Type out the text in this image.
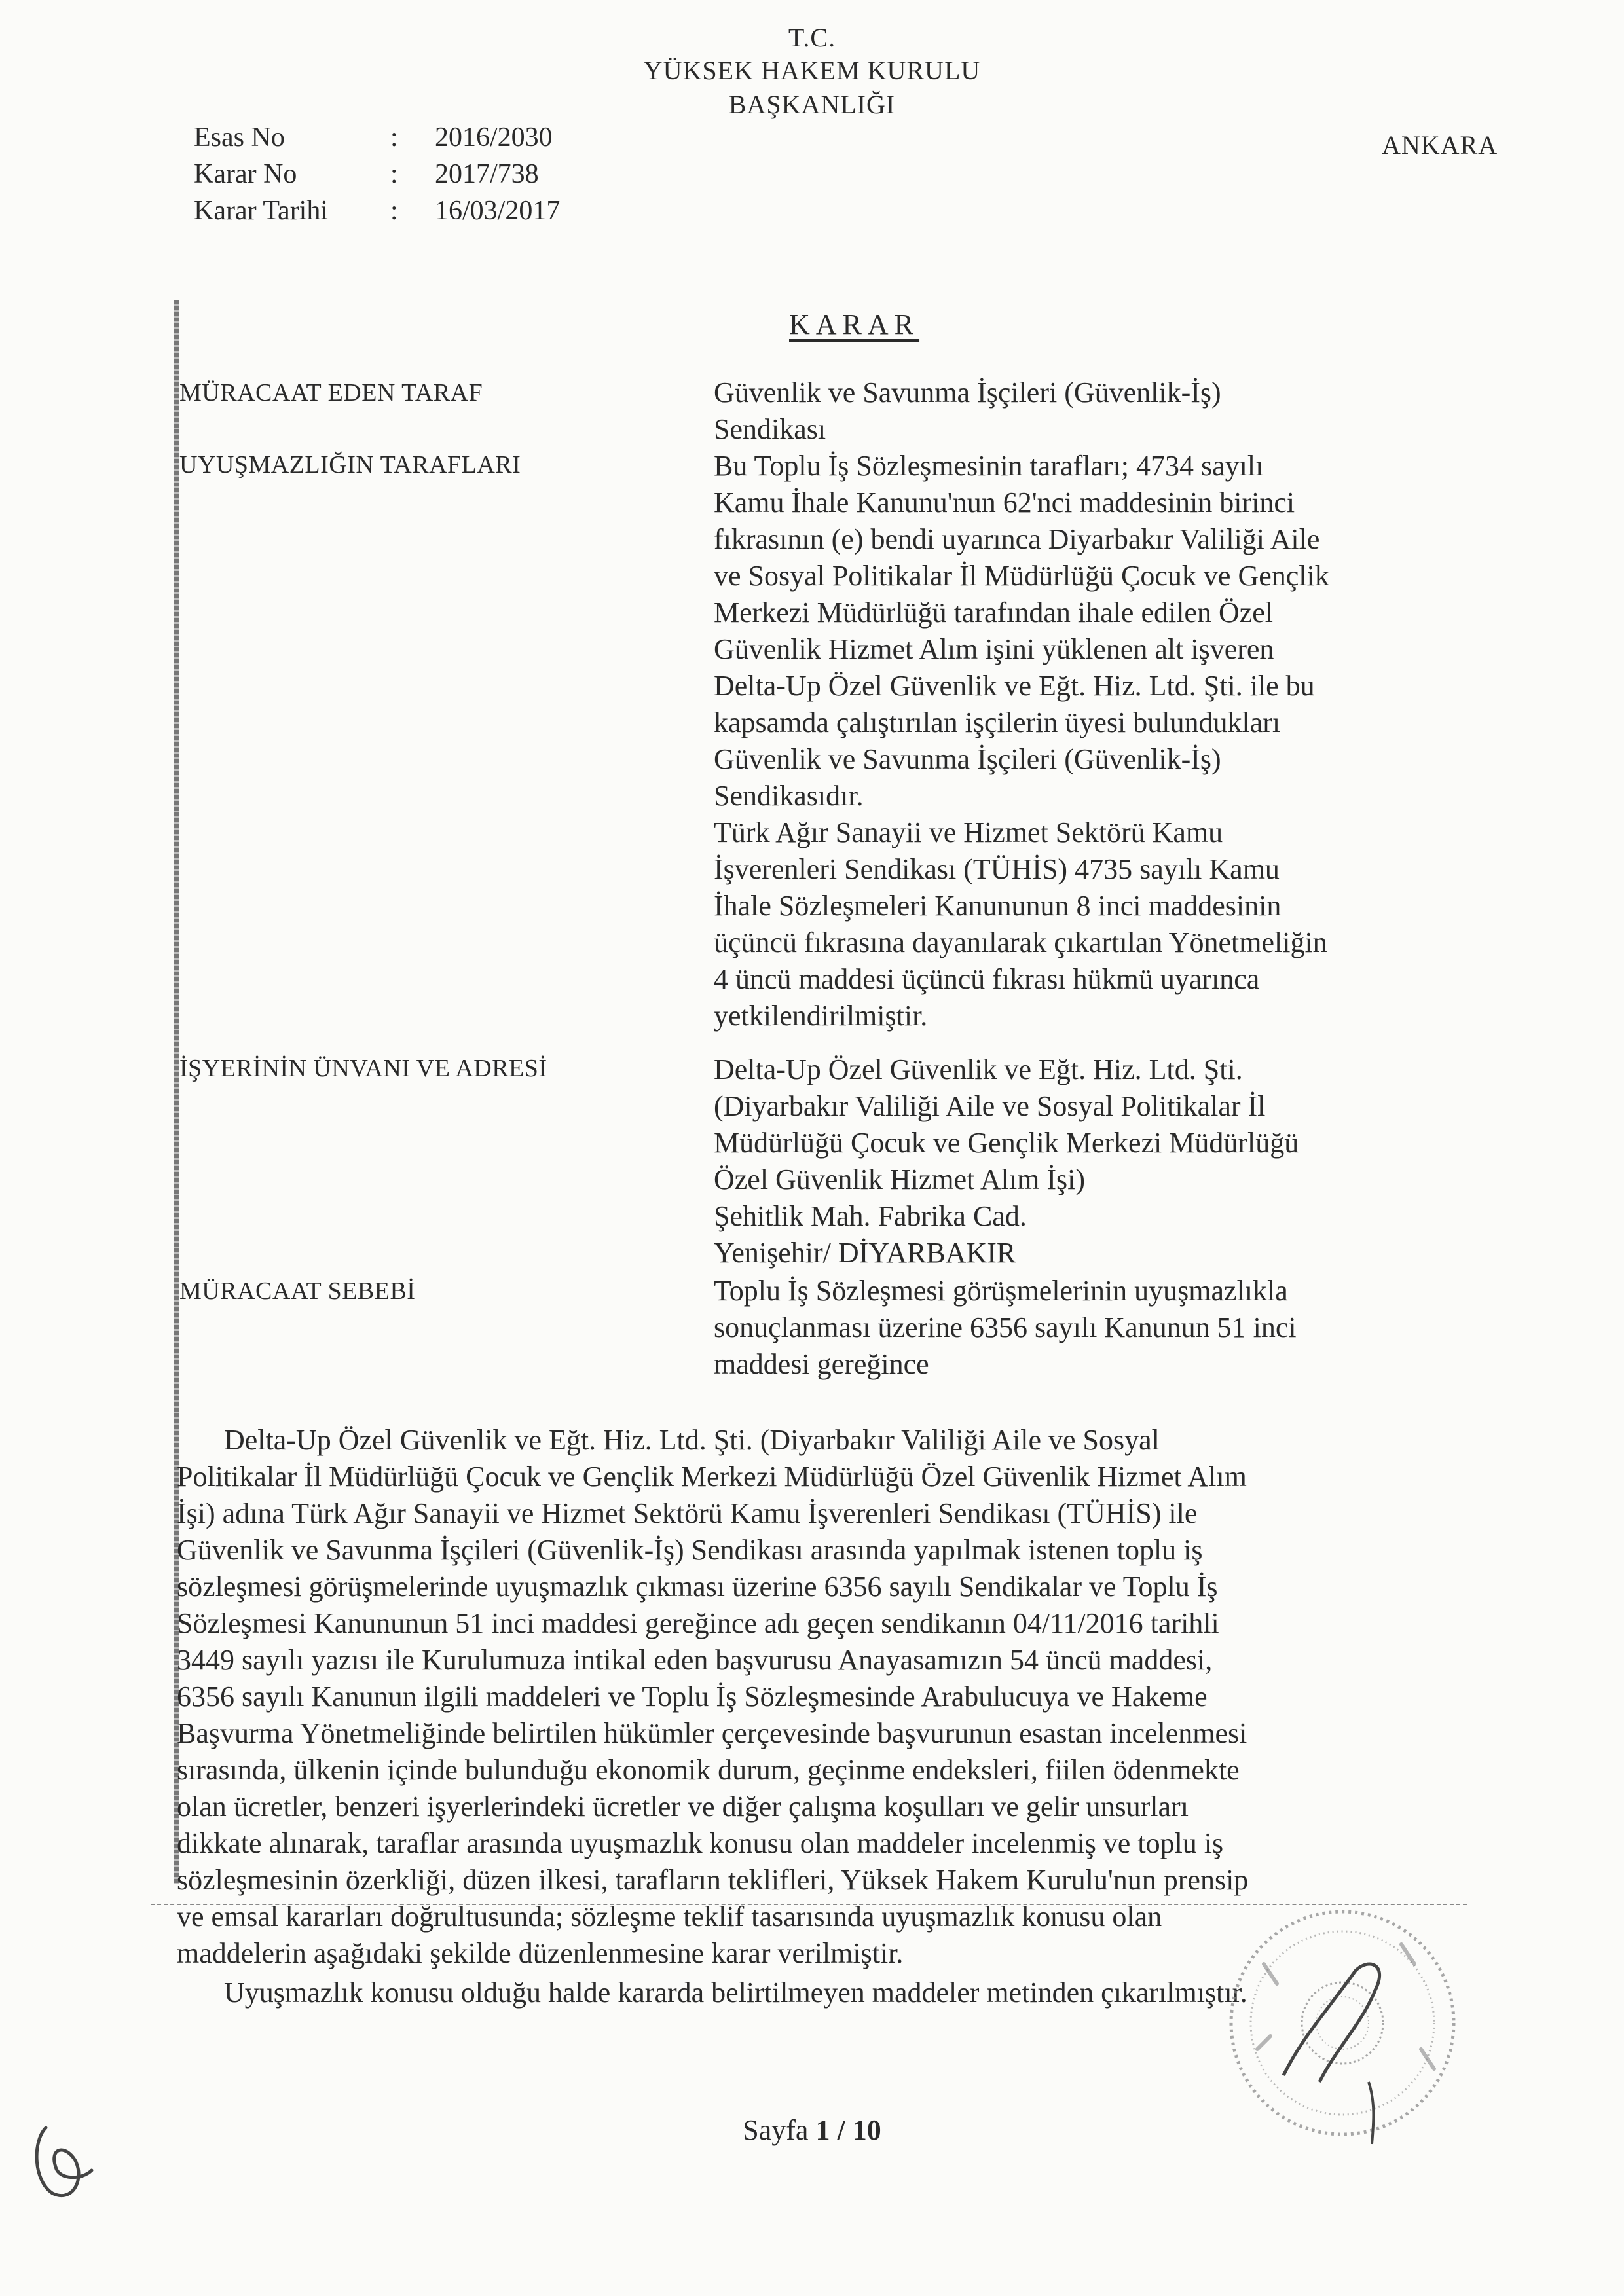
T.C.
YÜKSEK HAKEM KURULU
BAŞKANLIĞI
ANKARA
Esas No	: 2016/2030
Karar No	: 2017/738
Karar Tarihi : 16/03/2017
KARAR
MÜRACAAT EDEN TARAF
UYUŞMAZLIĞIN TARAFLARI
İŞYERİNİN ÜNVANI VE ADRESİ
MÜRACAAT SEBEBİ
Güvenlik ve Savunma İşçileri (Güvenlik-İş)
Sendikası
Bu Toplu İş Sözleşmesinin tarafları; 4734 sayılı
Kamu İhale Kanunu'nun 62'nci maddesinin birinci
fıkrasının (e) bendi uyarınca Diyarbakır Valiliği Aile
ve Sosyal Politikalar İl Müdürlüğü Çocuk ve Gençlik
Merkezi Müdürlüğü tarafından ihale edilen Özel
Güvenlik Hizmet Alım işini yüklenen alt işveren
Delta-Up Özel Güvenlik ve Eğt. Hiz. Ltd. Şti. ile bu
kapsamda çalıştırılan işçilerin üyesi bulundukları
Güvenlik ve Savunma İşçileri (Güvenlik-İş)
Sendikasıdır.
Türk Ağır Sanayii ve Hizmet Sektörü Kamu
İşverenleri Sendikası (TÜHİS) 4735 sayılı Kamu
İhale Sözleşmeleri Kanununun 8 inci maddesinin
üçüncü fıkrasına dayanılarak çıkartılan Yönetmeliğin
4 üncü maddesi üçüncü fıkrası hükmü uyarınca
yetkilendirilmiştir.
Delta-Up Özel Güvenlik ve Eğt. Hiz. Ltd. Şti.
(Diyarbakır Valiliği Aile ve Sosyal Politikalar İl
Müdürlüğü Çocuk ve Gençlik Merkezi Müdürlüğü
Özel Güvenlik Hizmet Alım İşi)
Şehitlik Mah. Fabrika Cad.
Yenişehir/ DİYARBAKIR
Toplu İş Sözleşmesi görüşmelerinin uyuşmazlıkla
sonuçlanması üzerine 6356 sayılı Kanunun 51 inci
maddesi gereğince
Delta-Up Özel Güvenlik ve Eğt. Hiz. Ltd. Şti. (Diyarbakır Valiliği Aile ve Sosyal
Politikalar İl Müdürlüğü Çocuk ve Gençlik Merkezi Müdürlüğü Özel Güvenlik Hizmet Alım
İşi) adına Türk Ağır Sanayii ve Hizmet Sektörü Kamu İşverenleri Sendikası (TÜHİS) ile
Güvenlik ve Savunma İşçileri (Güvenlik-İş) Sendikası arasında yapılmak istenen toplu iş
sözleşmesi görüşmelerinde uyuşmazlık çıkması üzerine 6356 sayılı Sendikalar ve Toplu İş
Sözleşmesi Kanununun 51 inci maddesi gereğince adı geçen sendikanın 04/11/2016 tarihli
3449 sayılı yazısı ile Kurulumuza intikal eden başvurusu Anayasamızın 54 üncü maddesi,
6356 sayılı Kanunun ilgili maddeleri ve Toplu İş Sözleşmesinde Arabulucuya ve Hakeme
Başvurma Yönetmeliğinde belirtilen hükümler çerçevesinde başvurunun esastan incelenmesi
sırasında, ülkenin içinde bulunduğu ekonomik durum, geçinme endeksleri, fiilen ödenmekte
olan ücretler, benzeri işyerlerindeki ücretler ve diğer çalışma koşulları ve gelir unsurları
dikkate alınarak, taraflar arasında uyuşmazlık konusu olan maddeler incelenmiş ve toplu iş
sözleşmesinin özerkliği, düzen ilkesi, tarafların teklifleri, Yüksek Hakem Kurulu'nun prensip
ve emsal kararları doğrultusunda; sözleşme teklif tasarısında uyuşmazlık konusu olan
maddelerin aşağıdaki şekilde düzenlenmesine karar verilmiştir.
Uyuşmazlık konusu olduğu halde kararda belirtilmeyen maddeler metinden çıkarılmıştır.
Sayfa 1 / 10
